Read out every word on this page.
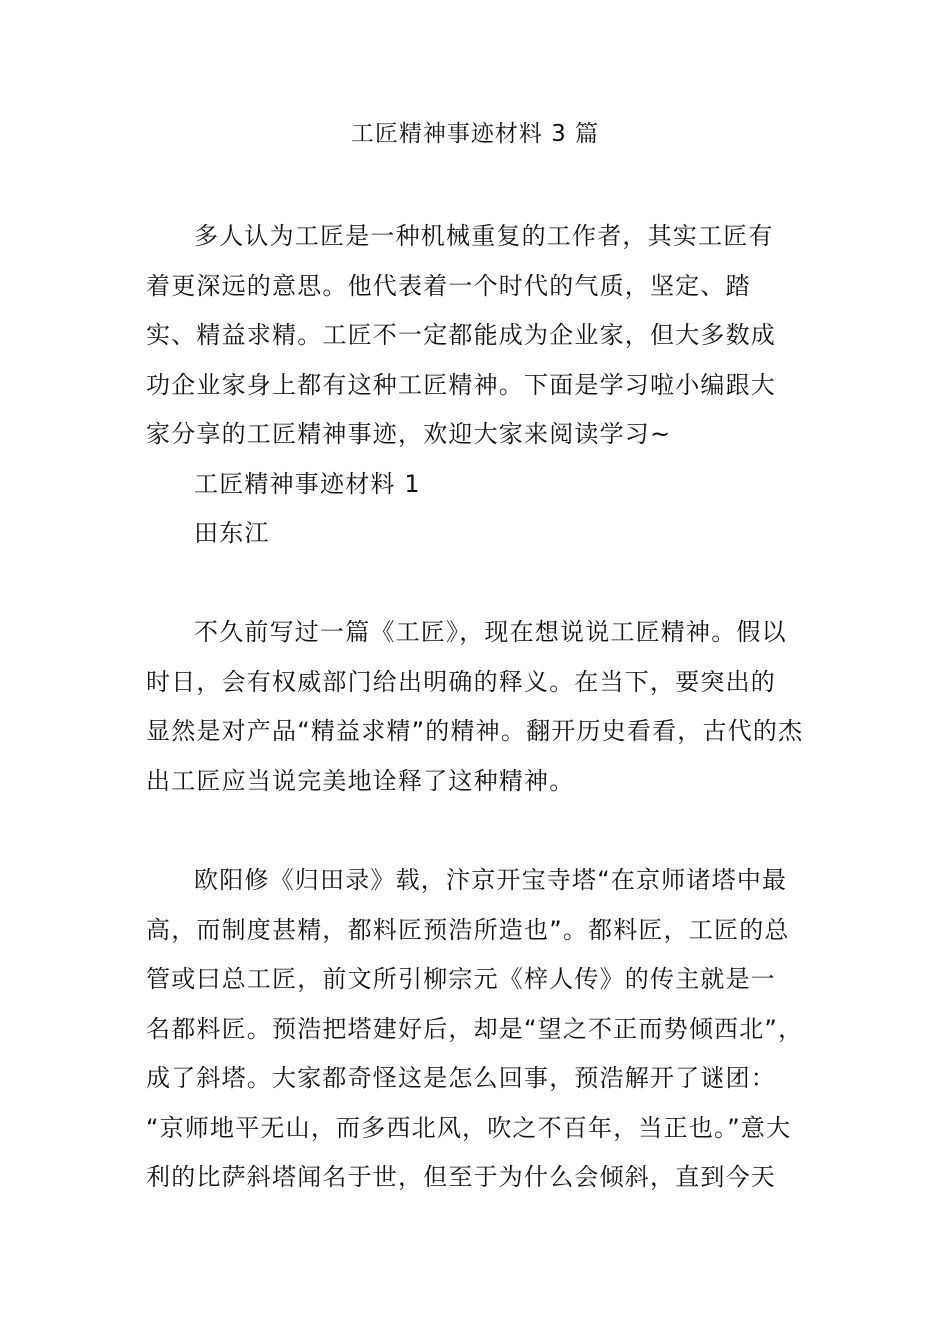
工匠精神事迹材料 3 篇

多人认为工匠是一种机械重复的工作者，其实工匠有
着更深远的意思。他代表着一个时代的气质，坚定、踏
实、精益求精。工匠不一定都能成为企业家，但大多数成
功企业家身上都有这种工匠精神。下面是学习啦小编跟大
家分享的工匠精神事迹，欢迎大家来阅读学习~

工匠精神事迹材料 1

田东江

不久前写过一篇《工匠》，现在想说说工匠精神。假以
时日，会有权威部门给出明确的释义。在当下，要突出的
显然是对产品“精益求精”的精神。翻开历史看看，古代的杰
出工匠应当说完美地诠释了这种精神。

欧阳修《归田录》载，汴京开宝寺塔“在京师诸塔中最
高，而制度甚精，都料匠预浩所造也”。都料匠，工匠的总
管或曰总工匠，前文所引柳宗元《梓人传》的传主就是一
名都料匠。预浩把塔建好后，却是“望之不正而势倾西北”，
成了斜塔。大家都奇怪这是怎么回事，预浩解开了谜团：
“京师地平无山，而多西北风，吹之不百年，当正也。”意大
利的比萨斜塔闻名于世，但至于为什么会倾斜，直到今天
